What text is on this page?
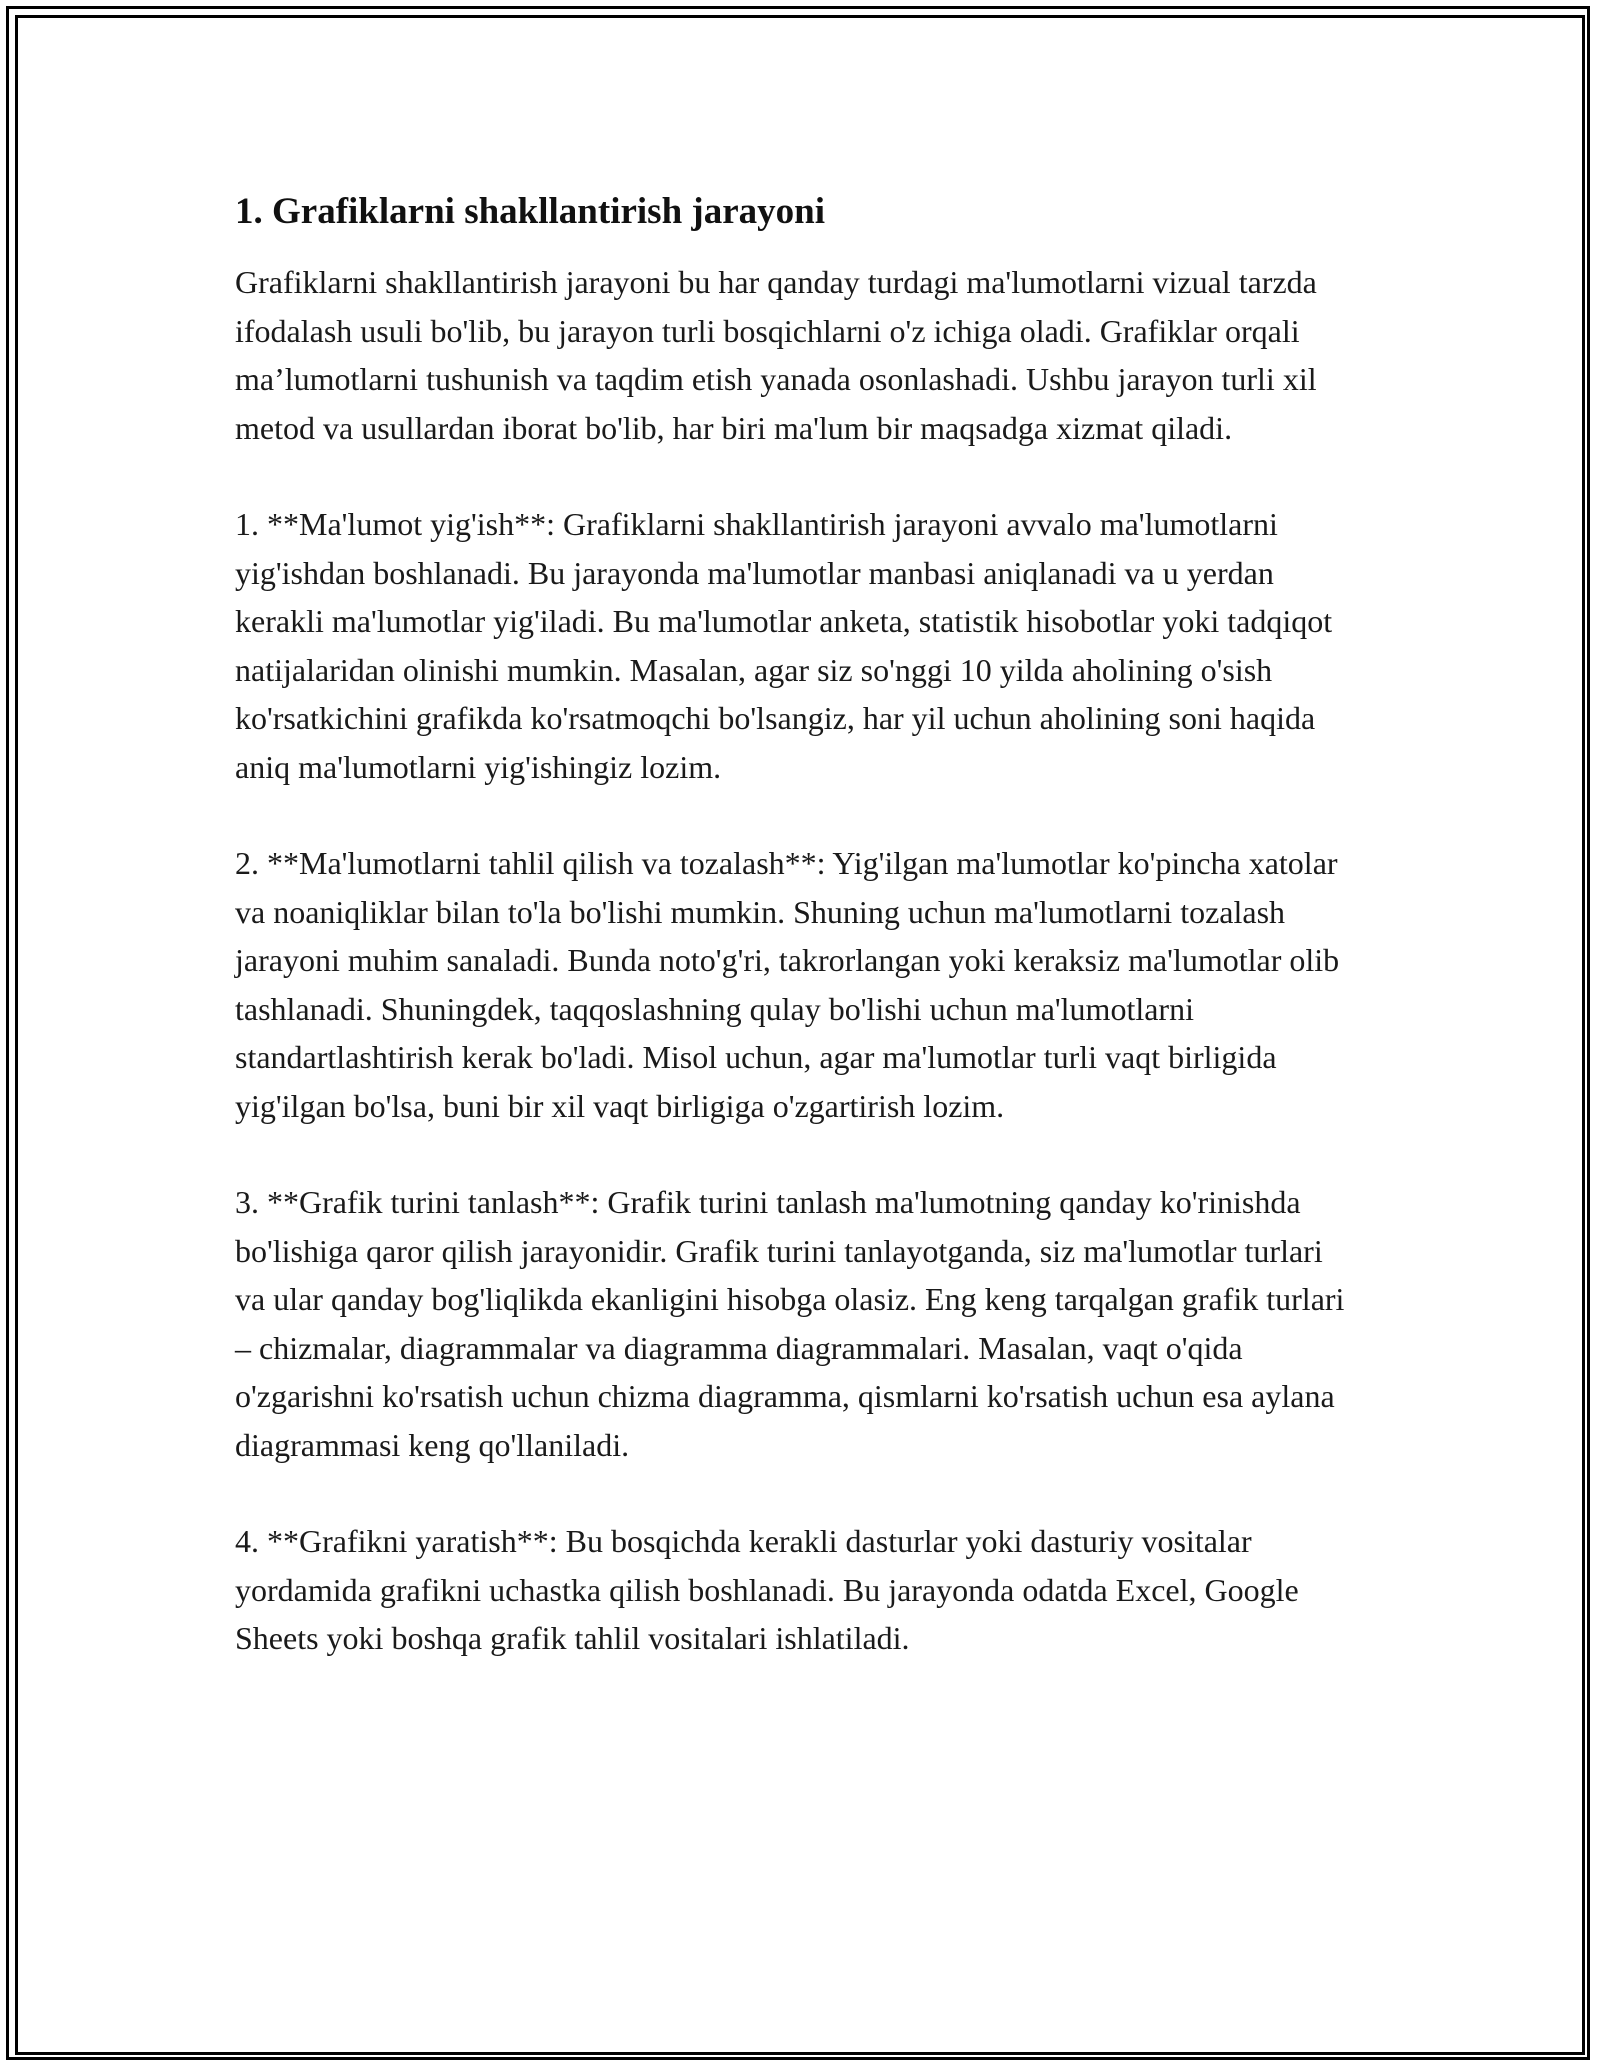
1. Grafiklarni shakllantirish jarayoni

Grafiklarni shakllantirish jarayoni bu har qanday turdagi ma'lumotlarni vizual tarzda ifodalash usuli bo'lib, bu jarayon turli bosqichlarni o'z ichiga oladi. Grafiklar orqali ma’lumotlarni tushunish va taqdim etish yanada osonlashadi. Ushbu jarayon turli xil metod va usullardan iborat bo'lib, har biri ma'lum bir maqsadga xizmat qiladi.

1. **Ma'lumot yig'ish**: Grafiklarni shakllantirish jarayoni avvalo ma'lumotlarni yig'ishdan boshlanadi. Bu jarayonda ma'lumotlar manbasi aniqlanadi va u yerdan kerakli ma'lumotlar yig'iladi. Bu ma'lumotlar anketa, statistik hisobotlar yoki tadqiqot natijalaridan olinishi mumkin. Masalan, agar siz so'nggi 10 yilda aholining o'sish ko'rsatkichini grafikda ko'rsatmoqchi bo'lsangiz, har yil uchun aholining soni haqida aniq ma'lumotlarni yig'ishingiz lozim.

2. **Ma'lumotlarni tahlil qilish va tozalash**: Yig'ilgan ma'lumotlar ko'pincha xatolar va noaniqliklar bilan to'la bo'lishi mumkin. Shuning uchun ma'lumotlarni tozalash jarayoni muhim sanaladi. Bunda noto'g'ri, takrorlangan yoki keraksiz ma'lumotlar olib tashlanadi. Shuningdek, taqqoslashning qulay bo'lishi uchun ma'lumotlarni standartlashtirish kerak bo'ladi. Misol uchun, agar ma'lumotlar turli vaqt birligida yig'ilgan bo'lsa, buni bir xil vaqt birligiga o'zgartirish lozim.

3. **Grafik turini tanlash**: Grafik turini tanlash ma'lumotning qanday ko'rinishda bo'lishiga qaror qilish jarayonidir. Grafik turini tanlayotganda, siz ma'lumotlar turlari va ular qanday bog'liqlikda ekanligini hisobga olasiz. Eng keng tarqalgan grafik turlari – chizmalar, diagrammalar va diagramma diagrammalari. Masalan, vaqt o'qida o'zgarishni ko'rsatish uchun chizma diagramma, qismlarni ko'rsatish uchun esa aylana diagrammasi keng qo'llaniladi.

4. **Grafikni yaratish**: Bu bosqichda kerakli dasturlar yoki dasturiy vositalar yordamida grafikni uchastka qilish boshlanadi. Bu jarayonda odatda Excel, Google Sheets yoki boshqa grafik tahlil vositalari ishlatiladi.
